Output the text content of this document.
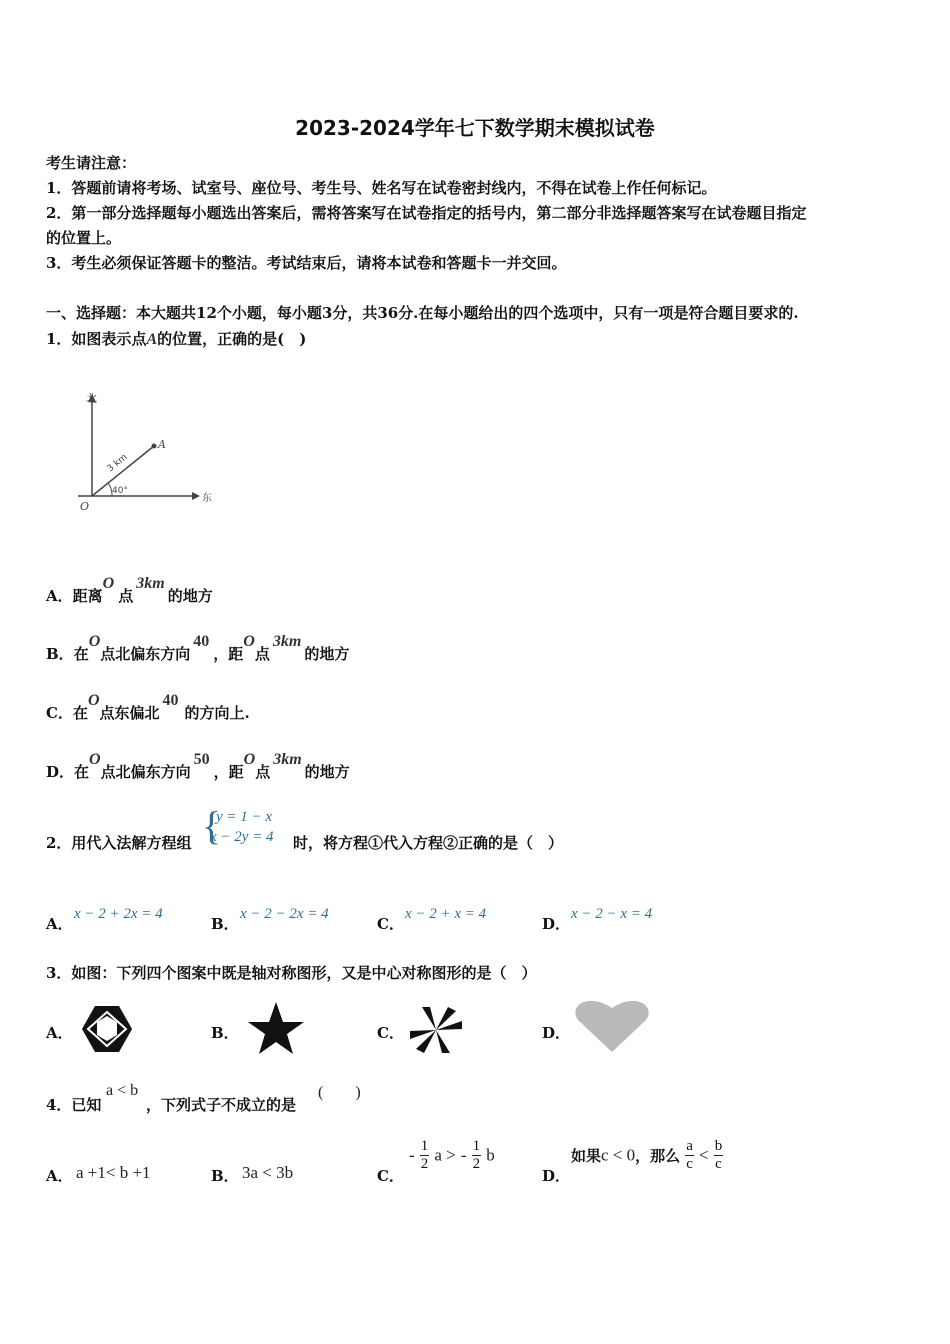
2023-2024学年七下数学期末模拟试卷
考生请注意：
1．答题前请将考场、试室号、座位号、考生号、姓名写在试卷密封线内，不得在试卷上作任何标记。
2．第一部分选择题每小题选出答案后，需将答案写在试卷指定的括号内，第二部分非选择题答案写在试卷题目指定
的位置上。
3．考生必须保证答题卡的整洁。考试结束后，请将本试卷和答题卡一并交回。
一、选择题：本大题共12个小题，每小题3分，共36分.在每小题给出的四个选项中，只有一项是符合题目要求的.
1．如图表示点A的位置，正确的是(　)
北
东
O
A
3 km
40°
A．距离O点3km的地方
B．在O点北偏东方向40，距O点3km的地方
C．在O点东偏北40的方向上.
D．在O点北偏东方向50，距O点3km的地方
2．用代入法解方程组 {
y = 1 − x
x − 2y = 4 时，将方程①代入方程②正确的是（　）
A．
x − 2 + 2x = 4
B．
x − 2 − 2x = 4
C．
x − 2 + x = 4
D．
x − 2 − x = 4
3．如图：下列四个图案中既是轴对称图形，又是中心对称图形的是（　）
A．	B．	C．	D．
4．已知
a < b
，下列式子不成立的是
(　　)
A． a +1< b +1	B． 3a < 3b	C．
- $\frac{1}{2}$ a > - $\frac{1}{2}$ b
D．
如果c < 0，那么 $\frac{a}{c} < \frac{b}{c}$
